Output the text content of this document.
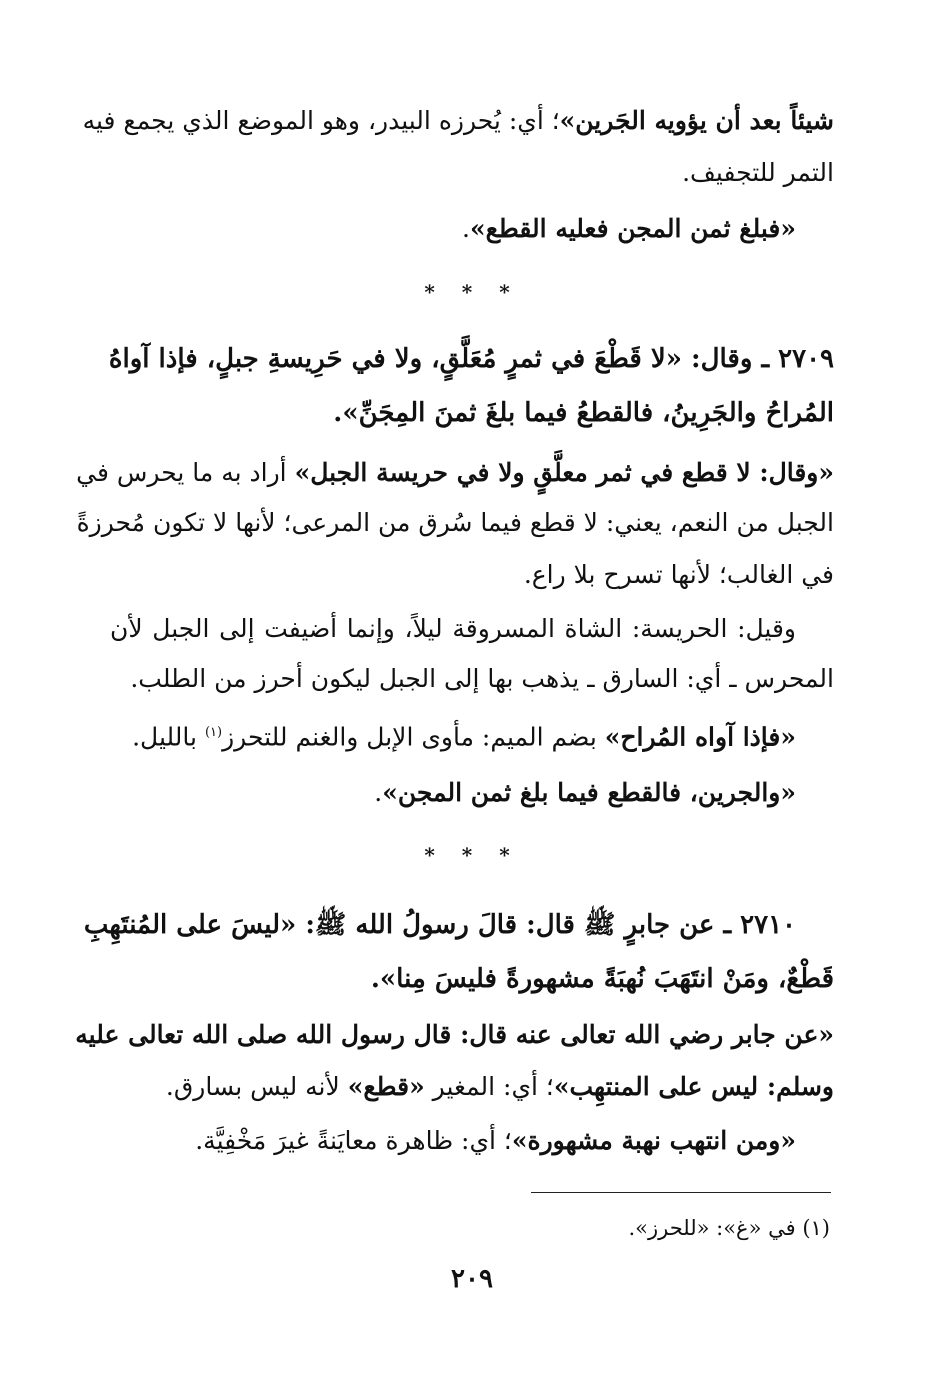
شيئاً بعد أن يؤويه الجَرين»؛ أي: يُحرزه البيدر، وهو الموضع الذي يجمع فيه
التمر للتجفيف.
«فبلغ ثمن المجن فعليه القطع».
* * *
٢٧٠٩ ـ وقال: «لا قَطْعَ في ثمرٍ مُعَلَّقٍ، ولا في حَرِيسةِ جبلٍ، فإذا آواهُ
المُراحُ والجَرِينُ، فالقطعُ فيما بلغَ ثمنَ المِجَنِّ».
«وقال: لا قطع في ثمر معلَّقٍ ولا في حريسة الجبل» أراد به ما يحرس في
الجبل من النعم، يعني: لا قطع فيما سُرق من المرعى؛ لأنها لا تكون مُحرزةً
في الغالب؛ لأنها تسرح بلا راع.
وقيل: الحريسة: الشاة المسروقة ليلاً، وإنما أضيفت إلى الجبل لأن
المحرس ـ أي: السارق ـ يذهب بها إلى الجبل ليكون أحرز من الطلب.
«فإذا آواه المُراح» بضم الميم: مأوى الإبل والغنم للتحرز$^{(١)}$ بالليل.
«والجرين، فالقطع فيما بلغ ثمن المجن».
* * *
٢٧١٠ ـ عن جابرٍ ﷺ قال: قالَ رسولُ الله ﷺ: «ليسَ على المُنتَهِبِ
قَطْعٌ، ومَنْ انتَهَبَ نُهبَةً مشهورةً فليسَ مِنا».
«عن جابر رضي الله تعالى عنه قال: قال رسول الله صلى الله تعالى عليه
وسلم: ليس على المنتهِب»؛ أي: المغير «قطع» لأنه ليس بسارق.
«ومن انتهب نهبة مشهورة»؛ أي: ظاهرة معايَنةً غيرَ مَخْفِيَّة.
(١) في «غ»: «للحرز».
٢٠٩
